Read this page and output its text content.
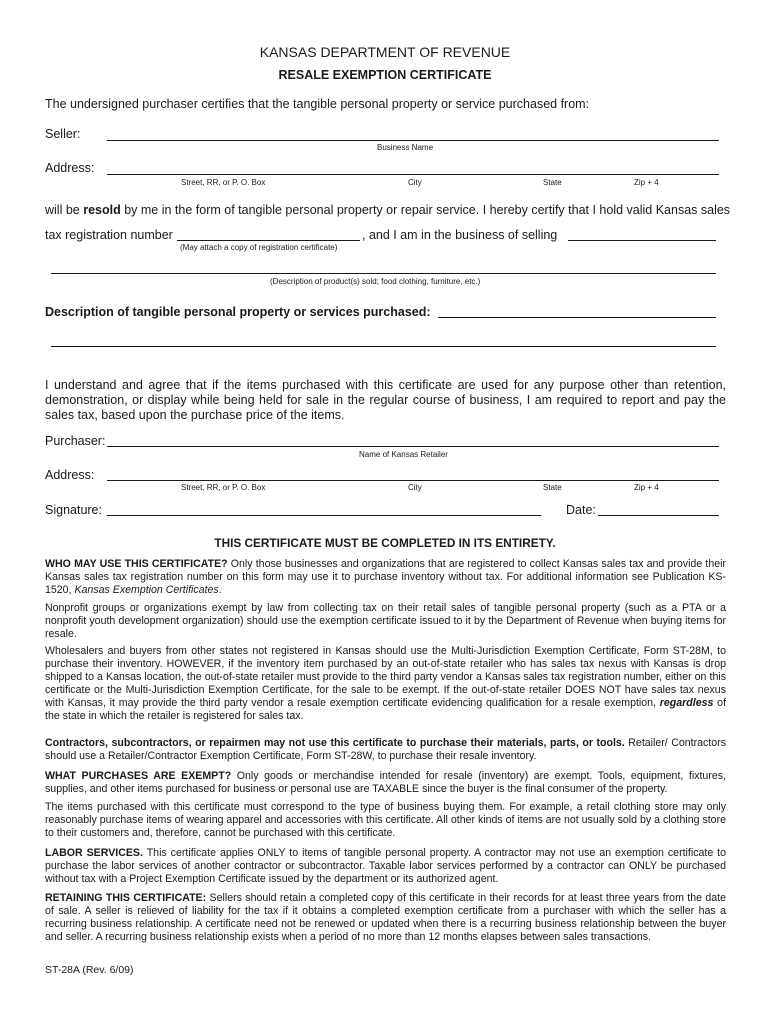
KANSAS DEPARTMENT OF REVENUE
RESALE EXEMPTION CERTIFICATE
The undersigned purchaser certifies that the tangible personal property or service purchased from:
Seller:
Business Name
Address:
Street, RR, or P. O. Box	City	State	Zip + 4
will be resold by me in the form of tangible personal property or repair service. I hereby certify that I hold valid Kansas sales
tax registration number	, and I am in the business of selling
(May attach a copy of registration certificate)
(Description of product(s) sold; food clothing, furniture, etc.)
Description of tangible personal property or services purchased:
I understand and agree that if the items purchased with this certificate are used for any purpose other than retention, demonstration, or display while being held for sale in the regular course of business, I am required to report and pay the sales tax, based upon the purchase price of the items.
Purchaser:
Name of Kansas Retailer
Address:
Street, RR, or P. O. Box	City	State	Zip + 4
Signature:	Date:
THIS CERTIFICATE MUST BE COMPLETED IN ITS ENTIRETY.
WHO MAY USE THIS CERTIFICATE? Only those businesses and organizations that are registered to collect Kansas sales tax and provide their Kansas sales tax registration number on this form may use it to purchase inventory without tax. For additional information see Publication KS-1520, Kansas Exemption Certificates.
Nonprofit groups or organizations exempt by law from collecting tax on their retail sales of tangible personal property (such as a PTA or a nonprofit youth development organization) should use the exemption certificate issued to it by the Department of Revenue when buying items for resale.
Wholesalers and buyers from other states not registered in Kansas should use the Multi-Jurisdiction Exemption Certificate, Form ST-28M, to purchase their inventory. HOWEVER, if the inventory item purchased by an out-of-state retailer who has sales tax nexus with Kansas is drop shipped to a Kansas location, the out-of-state retailer must provide to the third party vendor a Kansas sales tax registration number, either on this certificate or the Multi-Jurisdiction Exemption Certificate, for the sale to be exempt. If the out-of-state retailer DOES NOT have sales tax nexus with Kansas, it may provide the third party vendor a resale exemption certificate evidencing qualification for a resale exemption, regardless of the state in which the retailer is registered for sales tax.
Contractors, subcontractors, or repairmen may not use this certificate to purchase their materials, parts, or tools. Retailer/ Contractors should use a Retailer/Contractor Exemption Certificate, Form ST-28W, to purchase their resale inventory.
WHAT PURCHASES ARE EXEMPT? Only goods or merchandise intended for resale (inventory) are exempt. Tools, equipment, fixtures, supplies, and other items purchased for business or personal use are TAXABLE since the buyer is the final consumer of the property.
The items purchased with this certificate must correspond to the type of business buying them. For example, a retail clothing store may only reasonably purchase items of wearing apparel and accessories with this certificate. All other kinds of items are not usually sold by a clothing store to their customers and, therefore, cannot be purchased with this certificate.
LABOR SERVICES. This certificate applies ONLY to items of tangible personal property. A contractor may not use an exemption certificate to purchase the labor services of another contractor or subcontractor. Taxable labor services performed by a contractor can ONLY be purchased without tax with a Project Exemption Certificate issued by the department or its authorized agent.
RETAINING THIS CERTIFICATE: Sellers should retain a completed copy of this certificate in their records for at least three years from the date of sale. A seller is relieved of liability for the tax if it obtains a completed exemption certificate from a purchaser with which the seller has a recurring business relationship. A certificate need not be renewed or updated when there is a recurring business relationship between the buyer and seller. A recurring business relationship exists when a period of no more than 12 months elapses between sales transactions.
ST-28A (Rev. 6/09)
